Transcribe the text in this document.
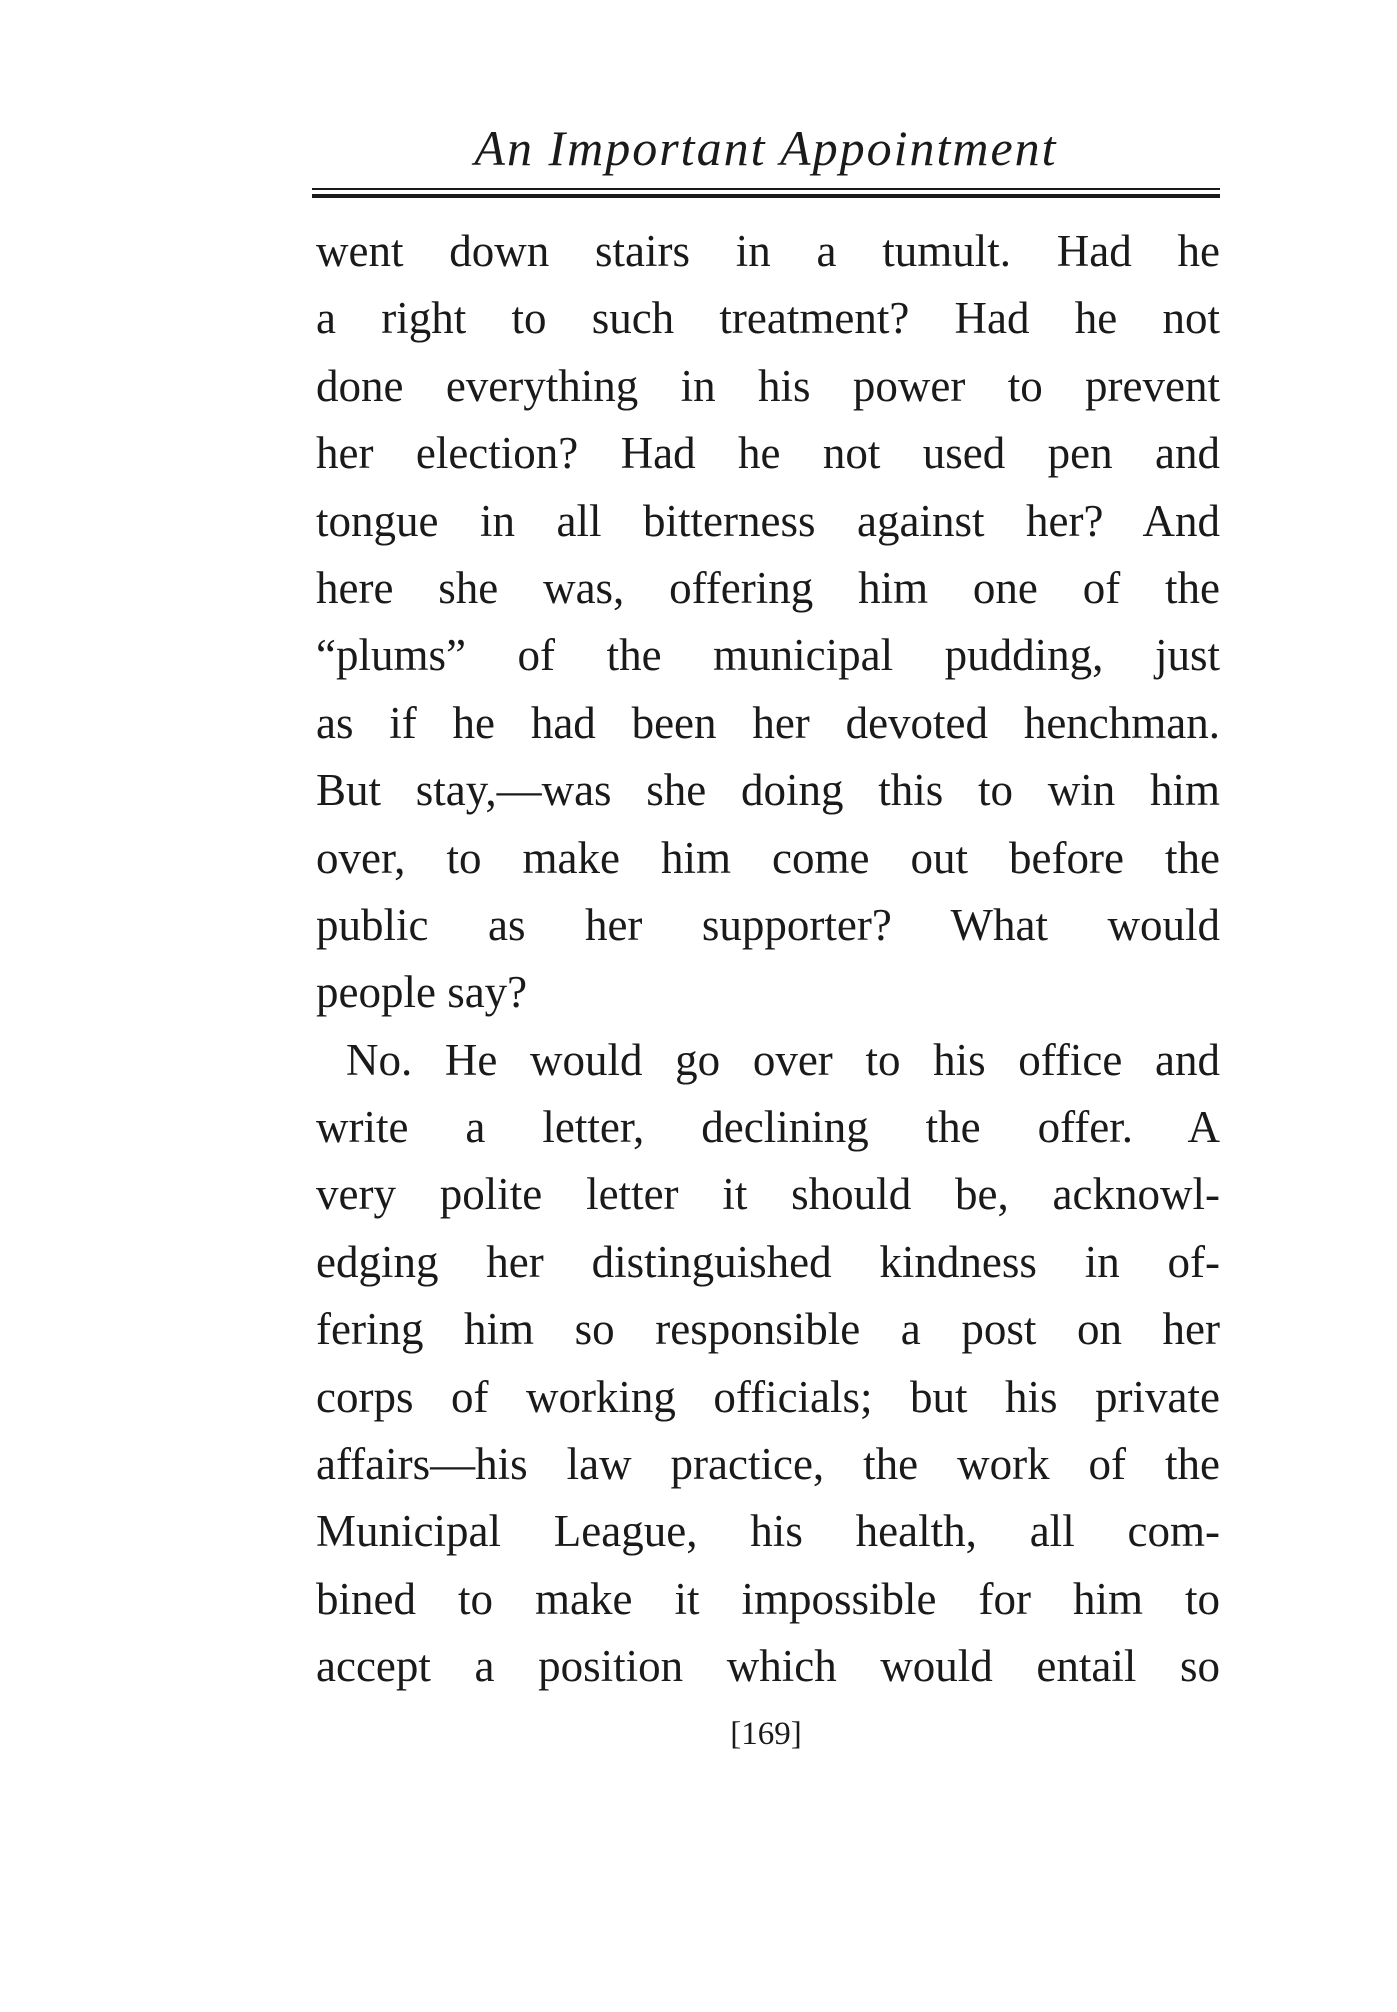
An Important Appointment
went down stairs in a tumult. Had he
a right to such treatment? Had he not
done everything in his power to prevent
her election? Had he not used pen and
tongue in all bitterness against her? And
here she was, offering him one of the
“plums” of the municipal pudding, just
as if he had been her devoted henchman.
But stay,—was she doing this to win him
over, to make him come out before the
public as her supporter? What would
people say?
No. He would go over to his office and
write a letter, declining the offer. A
very polite letter it should be, acknowl-
edging her distinguished kindness in of-
fering him so responsible a post on her
corps of working officials; but his private
affairs—his law practice, the work of the
Municipal League, his health, all com-
bined to make it impossible for him to
accept a position which would entail so
[169]
